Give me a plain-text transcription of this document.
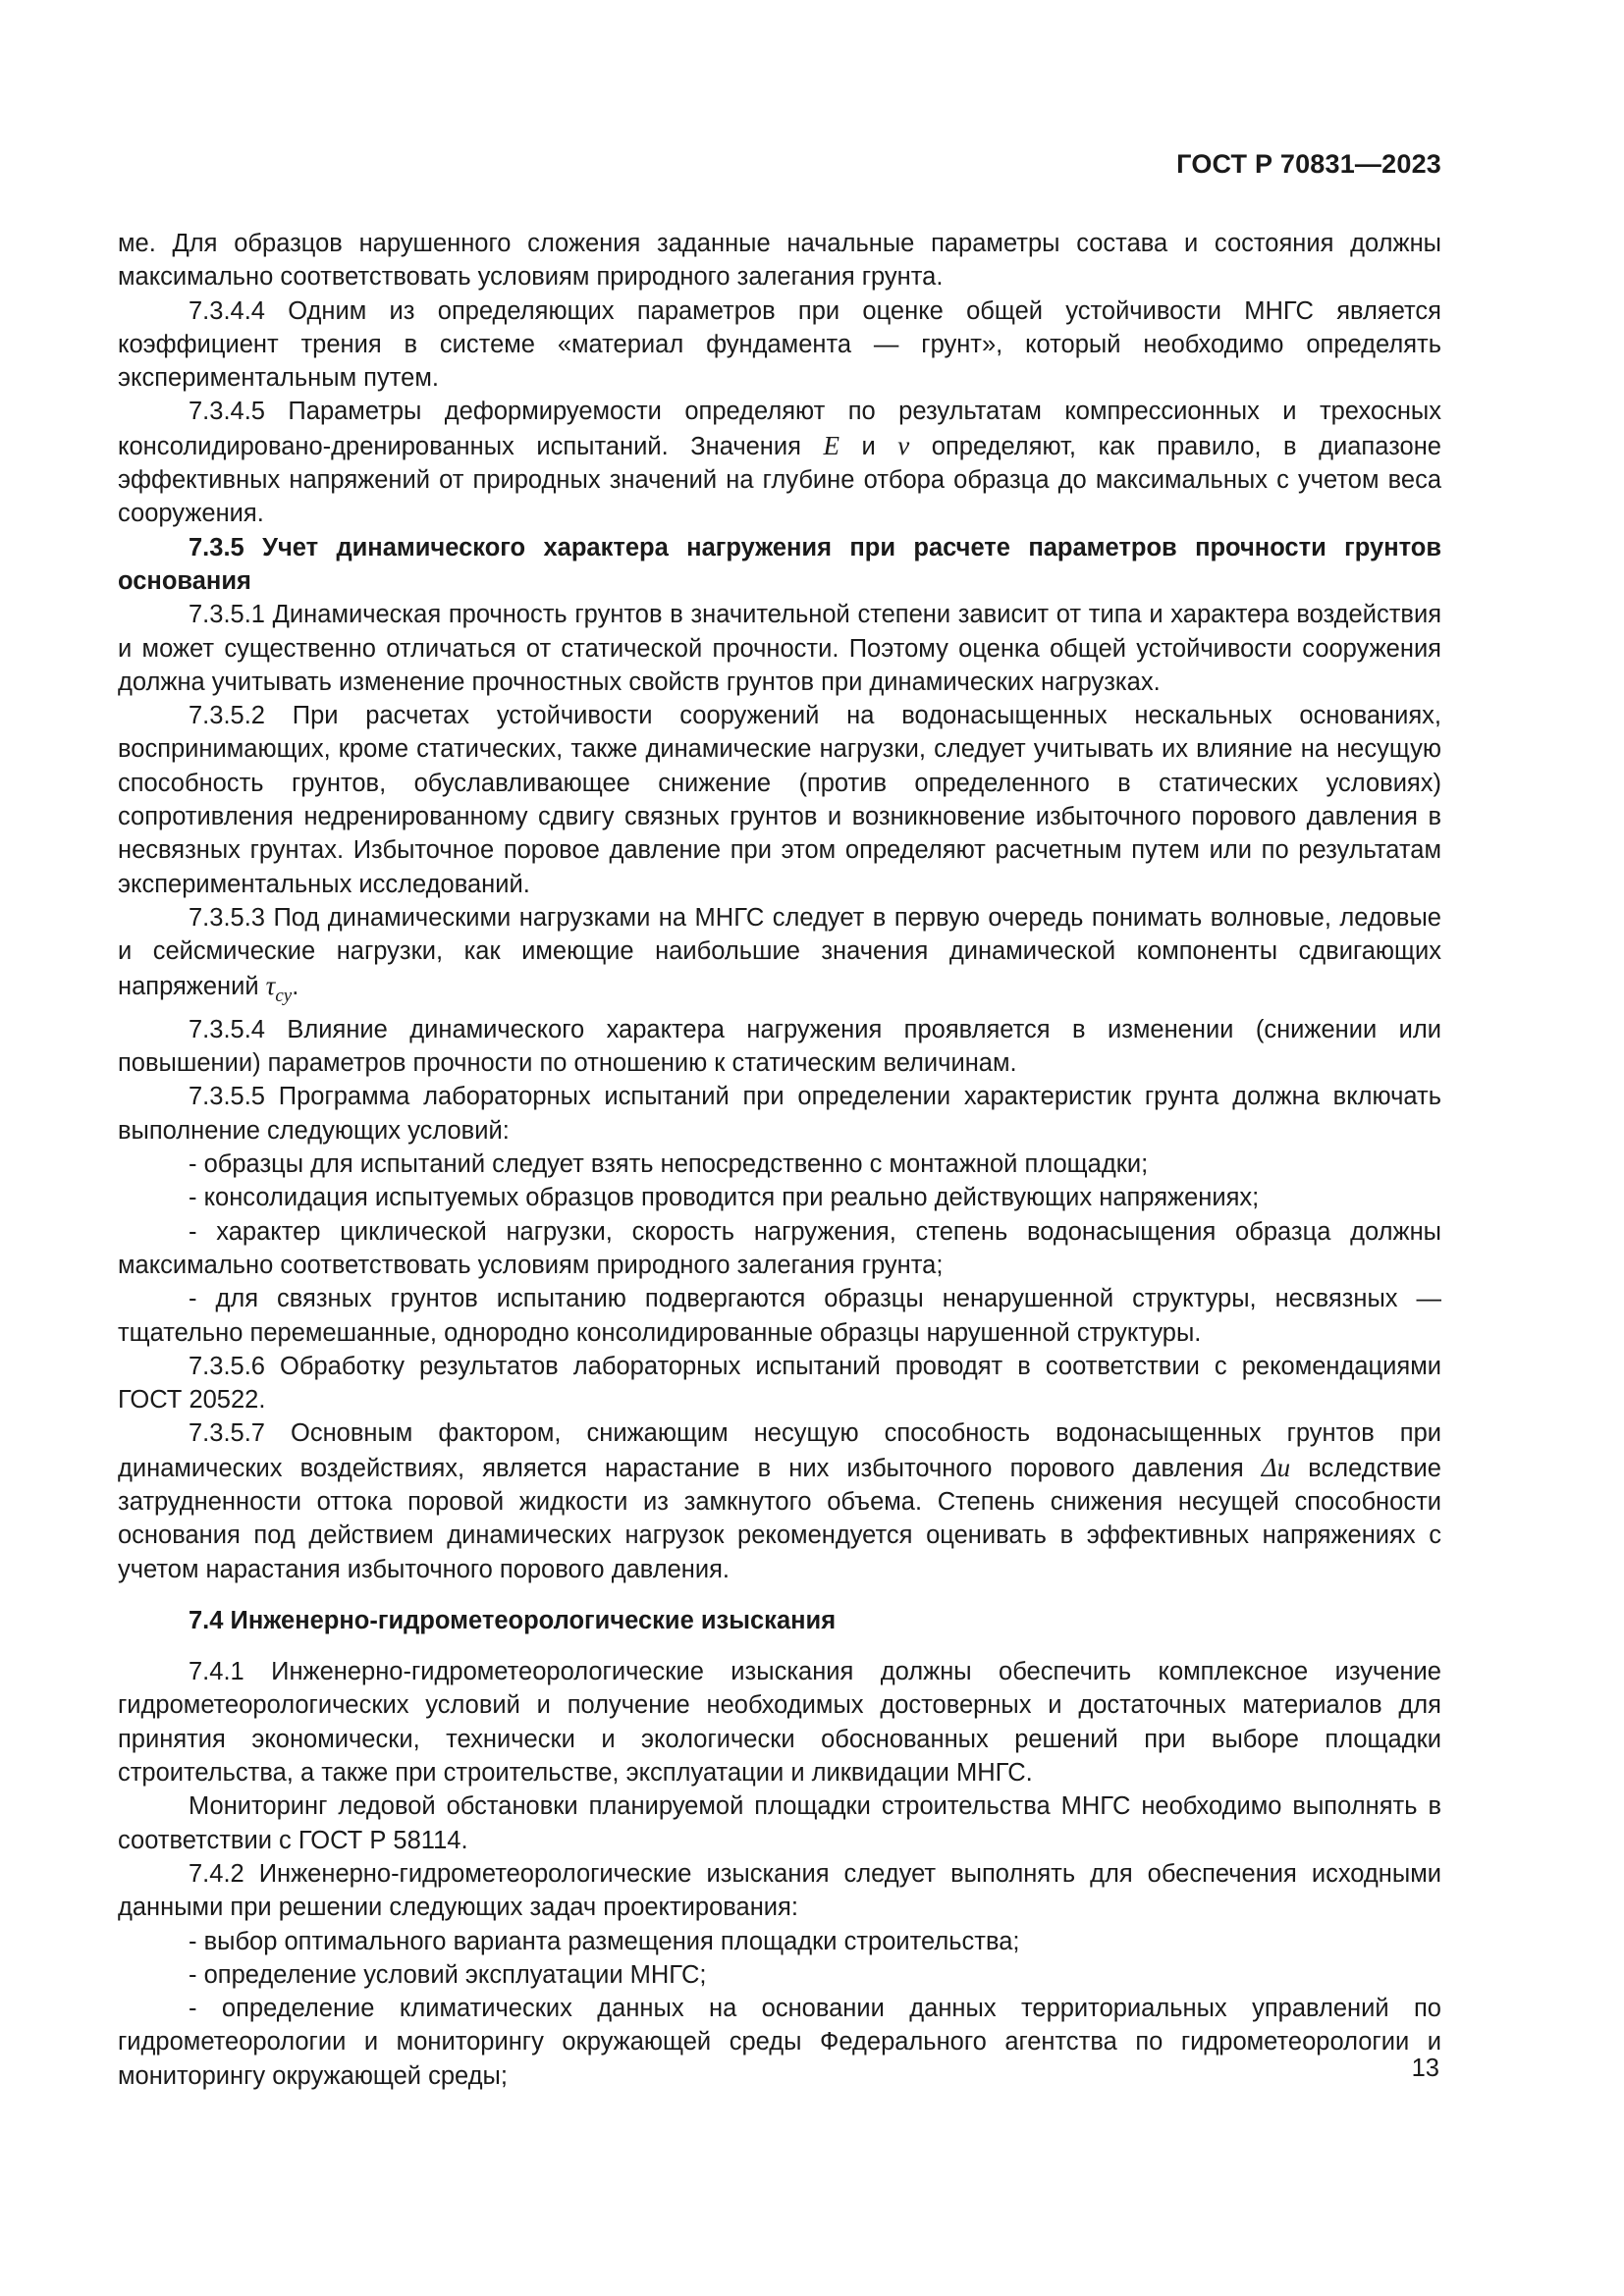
ГОСТ Р 70831—2023

ме. Для образцов нарушенного сложения заданные начальные параметры состава и состояния должны максимально соответствовать условиям природного залегания грунта.

7.3.4.4 Одним из определяющих параметров при оценке общей устойчивости МНГС является коэффициент трения в системе «материал фундамента — грунт», который необходимо определять экспериментальным путем.

7.3.4.5 Параметры деформируемости определяют по результатам компрессионных и трехосных консолидировано-дренированных испытаний. Значения E и ν определяют, как правило, в диапазоне эффективных напряжений от природных значений на глубине отбора образца до максимальных с учетом веса сооружения.

7.3.5 Учет динамического характера нагружения при расчете параметров прочности грунтов основания

7.3.5.1 Динамическая прочность грунтов в значительной степени зависит от типа и характера воздействия и может существенно отличаться от статической прочности. Поэтому оценка общей устойчивости сооружения должна учитывать изменение прочностных свойств грунтов при динамических нагрузках.

7.3.5.2 При расчетах устойчивости сооружений на водонасыщенных нескальных основаниях, воспринимающих, кроме статических, также динамические нагрузки, следует учитывать их влияние на несущую способность грунтов, обуславливающее снижение (против определенного в статических условиях) сопротивления недренированному сдвигу связных грунтов и возникновение избыточного порового давления в несвязных грунтах. Избыточное поровое давление при этом определяют расчетным путем или по результатам экспериментальных исследований.

7.3.5.3 Под динамическими нагрузками на МНГС следует в первую очередь понимать волновые, ледовые и сейсмические нагрузки, как имеющие наибольшие значения динамической компоненты сдвигающих напряжений $\tau_{cy}$.

7.3.5.4 Влияние динамического характера нагружения проявляется в изменении (снижении или повышении) параметров прочности по отношению к статическим величинам.

7.3.5.5 Программа лабораторных испытаний при определении характеристик грунта должна включать выполнение следующих условий:

- образцы для испытаний следует взять непосредственно с монтажной площадки;

- консолидация испытуемых образцов проводится при реально действующих напряжениях;

- характер циклической нагрузки, скорость нагружения, степень водонасыщения образца должны максимально соответствовать условиям природного залегания грунта;

- для связных грунтов испытанию подвергаются образцы ненарушенной структуры, несвязных — тщательно перемешанные, однородно консолидированные образцы нарушенной структуры.

7.3.5.6 Обработку результатов лабораторных испытаний проводят в соответствии с рекомендациями ГОСТ 20522.

7.3.5.7 Основным фактором, снижающим несущую способность водонасыщенных грунтов при динамических воздействиях, является нарастание в них избыточного порового давления Δu вследствие затрудненности оттока поровой жидкости из замкнутого объема. Степень снижения несущей способности основания под действием динамических нагрузок рекомендуется оценивать в эффективных напряжениях с учетом нарастания избыточного порового давления.

7.4 Инженерно-гидрометеорологические изыскания

7.4.1 Инженерно-гидрометеорологические изыскания должны обеспечить комплексное изучение гидрометеорологических условий и получение необходимых достоверных и достаточных материалов для принятия экономически, технически и экологически обоснованных решений при выборе площадки строительства, а также при строительстве, эксплуатации и ликвидации МНГС.

Мониторинг ледовой обстановки планируемой площадки строительства МНГС необходимо выполнять в соответствии с ГОСТ Р 58114.

7.4.2 Инженерно-гидрометеорологические изыскания следует выполнять для обеспечения исходными данными при решении следующих задач проектирования:

- выбор оптимального варианта размещения площадки строительства;

- определение условий эксплуатации МНГС;

- определение климатических данных на основании данных территориальных управлений по гидрометеорологии и мониторингу окружающей среды Федерального агентства по гидрометеорологии и мониторингу окружающей среды;	13
